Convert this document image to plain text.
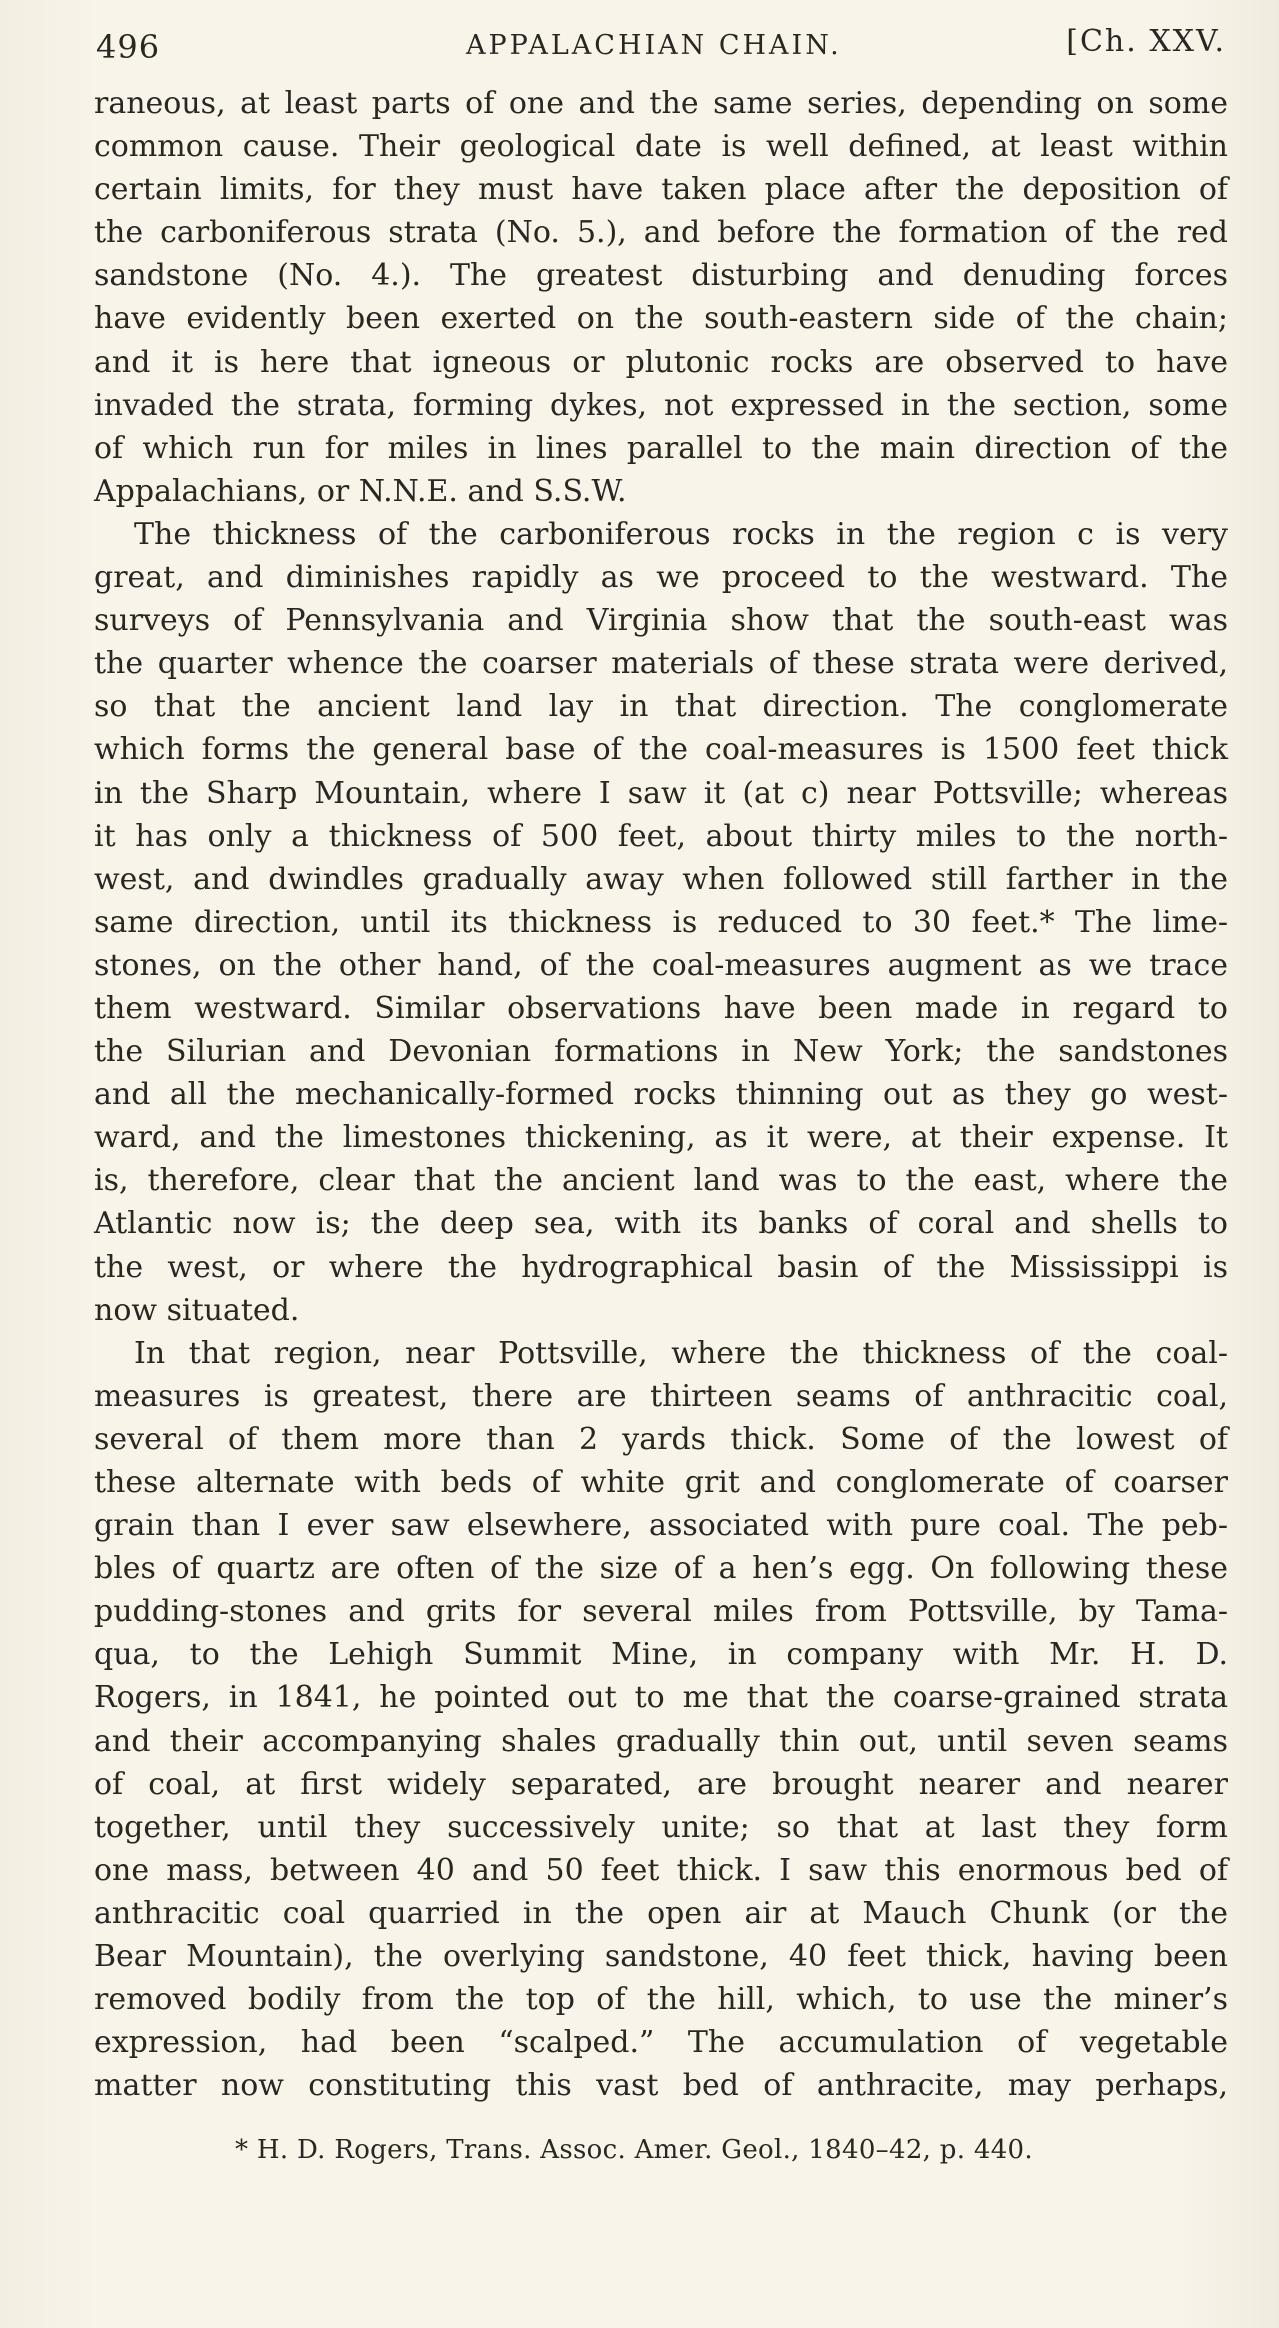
496	APPALACHIAN CHAIN.	[Ch. XXV.
raneous, at least parts of one and the same series, depending on some
common cause. Their geological date is well defined, at least within
certain limits, for they must have taken place after the deposition of
the carboniferous strata (No. 5.), and before the formation of the red
sandstone (No. 4.). The greatest disturbing and denuding forces
have evidently been exerted on the south-eastern side of the chain;
and it is here that igneous or plutonic rocks are observed to have
invaded the strata, forming dykes, not expressed in the section, some
of which run for miles in lines parallel to the main direction of the
Appalachians, or N.N.E. and S.S.W.
The thickness of the carboniferous rocks in the region c is very
great, and diminishes rapidly as we proceed to the westward. The
surveys of Pennsylvania and Virginia show that the south-east was
the quarter whence the coarser materials of these strata were derived,
so that the ancient land lay in that direction. The conglomerate
which forms the general base of the coal-measures is 1500 feet thick
in the Sharp Mountain, where I saw it (at c) near Pottsville; whereas
it has only a thickness of 500 feet, about thirty miles to the north-
west, and dwindles gradually away when followed still farther in the
same direction, until its thickness is reduced to 30 feet.* The lime-
stones, on the other hand, of the coal-measures augment as we trace
them westward. Similar observations have been made in regard to
the Silurian and Devonian formations in New York; the sandstones
and all the mechanically-formed rocks thinning out as they go west-
ward, and the limestones thickening, as it were, at their expense. It
is, therefore, clear that the ancient land was to the east, where the
Atlantic now is; the deep sea, with its banks of coral and shells to
the west, or where the hydrographical basin of the Mississippi is
now situated.
In that region, near Pottsville, where the thickness of the coal-
measures is greatest, there are thirteen seams of anthracitic coal,
several of them more than 2 yards thick. Some of the lowest of
these alternate with beds of white grit and conglomerate of coarser
grain than I ever saw elsewhere, associated with pure coal. The peb-
bles of quartz are often of the size of a hen’s egg. On following these
pudding-stones and grits for several miles from Pottsville, by Tama-
qua, to the Lehigh Summit Mine, in company with Mr. H. D.
Rogers, in 1841, he pointed out to me that the coarse-grained strata
and their accompanying shales gradually thin out, until seven seams
of coal, at first widely separated, are brought nearer and nearer
together, until they successively unite; so that at last they form
one mass, between 40 and 50 feet thick. I saw this enormous bed of
anthracitic coal quarried in the open air at Mauch Chunk (or the
Bear Mountain), the overlying sandstone, 40 feet thick, having been
removed bodily from the top of the hill, which, to use the miner’s
expression, had been “scalped.” The accumulation of vegetable
matter now constituting this vast bed of anthracite, may perhaps,
* H. D. Rogers, Trans. Assoc. Amer. Geol., 1840–42, p. 440.
